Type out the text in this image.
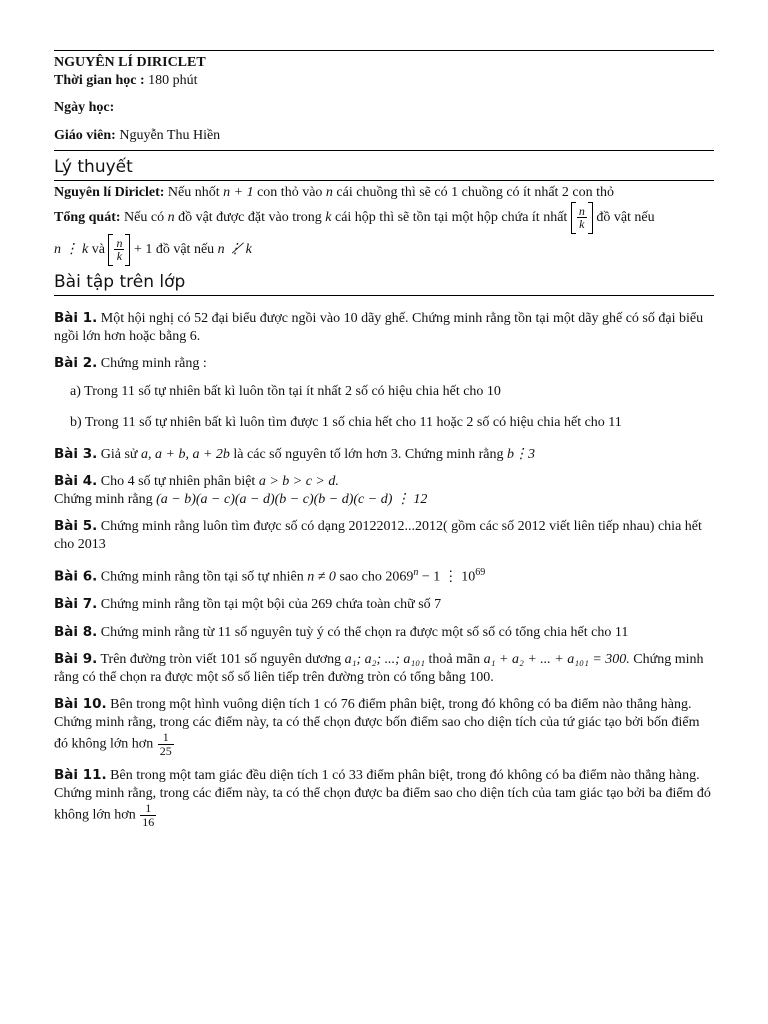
NGUYÊN LÍ DIRICLET
Thời gian học : 180 phút
Ngày học:
Giáo viên: Nguyễn Thu Hiền
Lý thuyết

Nguyên lí Diriclet: Nếu nhốt n + 1 con thỏ vào n cái chuồng thì sẽ có 1 chuồng có ít nhất 2 con thỏ

Tổng quát: Nếu có n đồ vật được đặt vào trong k cái hộp thì sẽ tồn tại một hộp chứa ít nhất $\frac{n}{k}$ đồ vật nếu
n ⋮ k và $\frac{n}{k} + 1$ đồ vật nếu n ⋮̸ k

Bài tập trên lớp
Bài 1. Một hội nghị có 52 đại biểu được ngồi vào 10 dãy ghế. Chứng minh rằng tồn tại một dãy ghế có số đại biểu ngồi lớn hơn hoặc bằng 6.
Bài 2. Chứng minh rằng :
a) Trong 11 số tự nhiên bất kì luôn tồn tại ít nhất 2 số có hiệu chia hết cho 10
b) Trong 11 số tự nhiên bất kì luôn tìm được 1 số chia hết cho 11 hoặc 2 số có hiệu chia hết cho 11
Bài 3. Giả sử a, a + b, a + 2b là các số nguyên tố lớn hơn 3. Chứng minh rằng b⋮3
Bài 4. Cho 4 số tự nhiên phân biệt a > b > c > d.
Chứng minh rằng (a − b)(a − c)(a − d)(b − c)(b − d)(c − d) ⋮ 12
Bài 5. Chứng minh rằng luôn tìm được số có dạng 20122012...2012( gồm các số 2012 viết liên tiếp nhau) chia hết cho 2013
Bài 6. Chứng minh rằng tồn tại số tự nhiên n ≠ 0 sao cho $2069^n - 1$ ⋮ $10^{69}$
Bài 7. Chứng minh rằng tồn tại một bội của 269 chứa toàn chữ số 7
Bài 8. Chứng minh rằng từ 11 số nguyên tuỳ ý có thể chọn ra được một số số có tổng chia hết cho 11
Bài 9. Trên đường tròn viết 101 số nguyên dương a₁; a₂; ...; a₁₀₁ thoả mãn a₁ + a₂ + ... + a₁₀₁ = 300. Chứng minh rằng có thể chọn ra được một số số liên tiếp trên đường tròn có tổng bằng 100.
Bài 10. Bên trong một hình vuông diện tích 1 có 76 điểm phân biệt, trong đó không có ba điểm nào thẳng hàng. Chứng minh rằng, trong các điểm này, ta có thể chọn được bốn điểm sao cho diện tích của tứ giác tạo bởi bốn điểm đó không lớn hơn $\frac{1}{25}$
Bài 11. Bên trong một tam giác đều diện tích 1 có 33 điểm phân biệt, trong đó không có ba điểm nào thẳng hàng. Chứng minh rằng, trong các điểm này, ta có thể chọn được ba điểm sao cho diện tích của tam giác tạo bởi ba điểm đó không lớn hơn $\frac{1}{16}$
